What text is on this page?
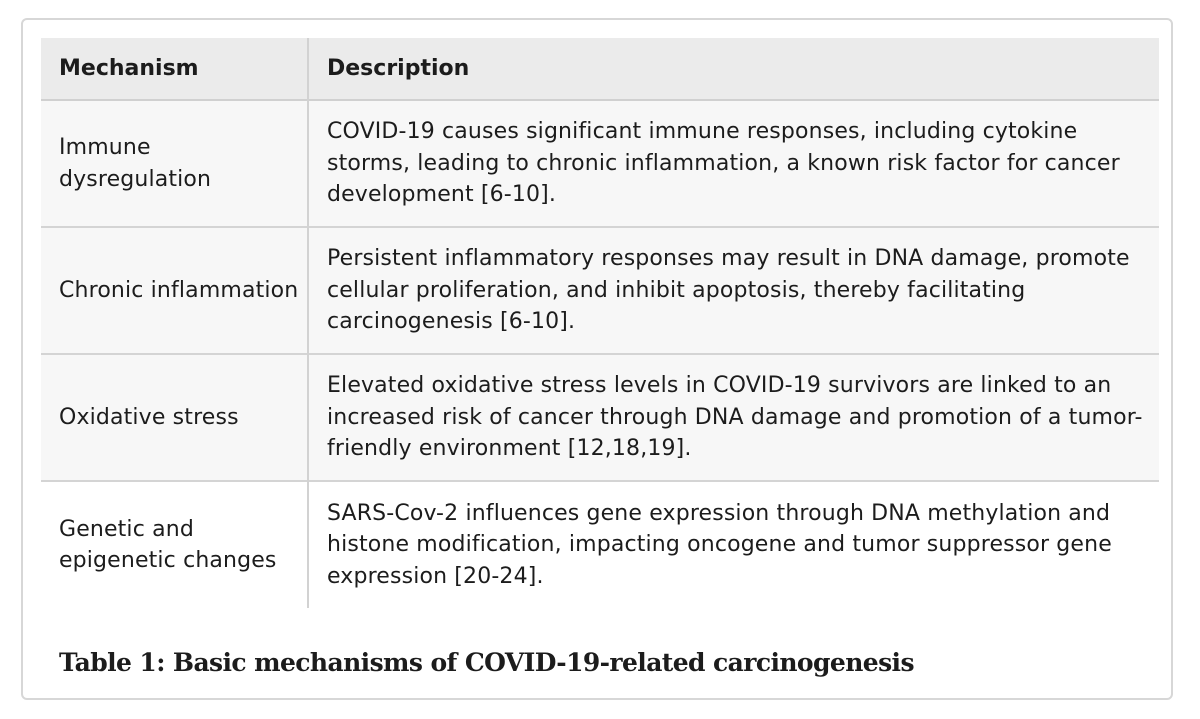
Mechanism	Description
Immune dysregulation	COVID-19 causes significant immune responses, including cytokine storms, leading to chronic inflammation, a known risk factor for cancer development [6-10].
Chronic inflammation	Persistent inflammatory responses may result in DNA damage, promote cellular proliferation, and inhibit apoptosis, thereby facilitating carcinogenesis [6-10].
Oxidative stress	Elevated oxidative stress levels in COVID-19 survivors are linked to an increased risk of cancer through DNA damage and promotion of a tumor-friendly environment [12,18,19].
Genetic and epigenetic changes	SARS-Cov-2 influences gene expression through DNA methylation and histone modification, impacting oncogene and tumor suppressor gene expression [20-24].
Table 1: Basic mechanisms of COVID-19-related carcinogenesis
